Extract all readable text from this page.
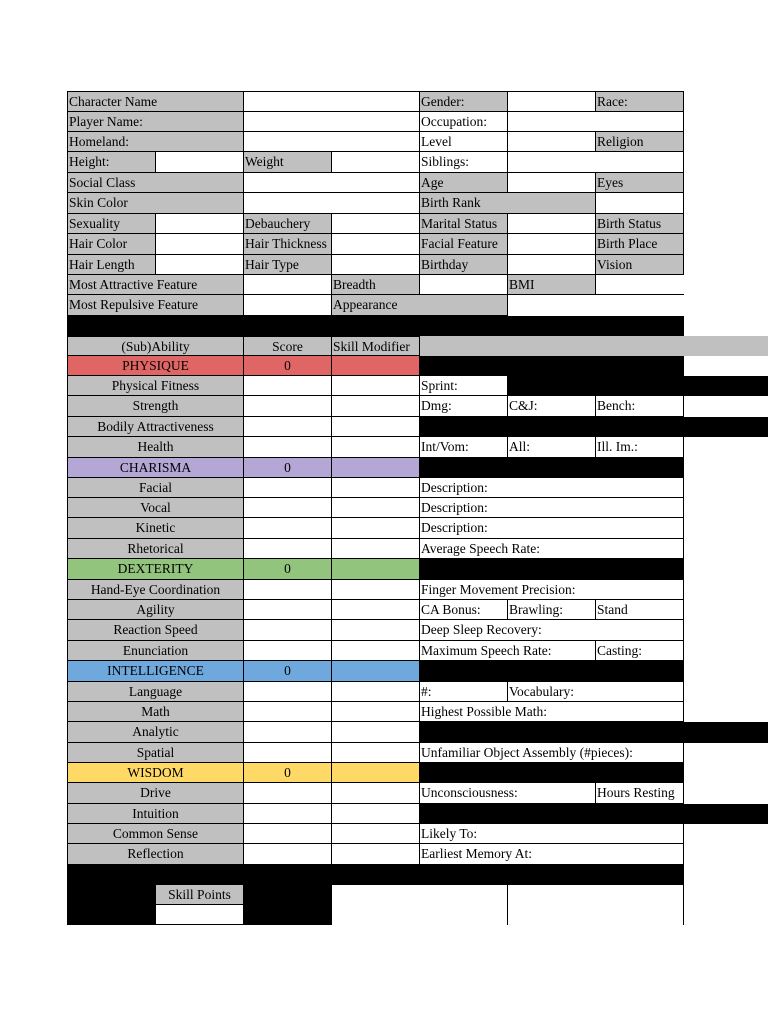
Character Name	Gender:	Race:
Player Name:	Occupation:
Homeland:	Level	Religion
Height:	Weight	Siblings:
Social Class	Age	Eyes
Skin Color	Birth Rank
Sexuality	Debauchery	Marital Status	Birth Status
Hair Color	Hair Thickness	Facial Feature	Birth Place
Hair Length	Hair Type	Birthday	Vision
Most Attractive Feature	Breadth	BMI
Most Repulsive Feature	Appearance
(Sub)Ability	Score	Skill Modifier
PHYSIQUE	0
Physical Fitness	Sprint:
Strength	Dmg:	C&J:	Bench:
Bodily Attractiveness
Health	Int/Vom:	All:	Ill. Im.:
CHARISMA	0
Facial	Description:
Vocal	Description:
Kinetic	Description:
Rhetorical	Average Speech Rate:
DEXTERITY	0
Hand-Eye Coordination	Finger Movement Precision:
Agility	CA Bonus:	Brawling:	Stand
Reaction Speed	Deep Sleep Recovery:
Enunciation	Maximum Speech Rate:	Casting:
INTELLIGENCE	0
Language	#:	Vocabulary:
Math	Highest Possible Math:
Analytic
Spatial	Unfamiliar Object Assembly (#pieces):
WISDOM	0
Drive	Unconsciousness:	Hours Resting
Intuition
Common Sense	Likely To:
Reflection	Earliest Memory At:
Skill Points
